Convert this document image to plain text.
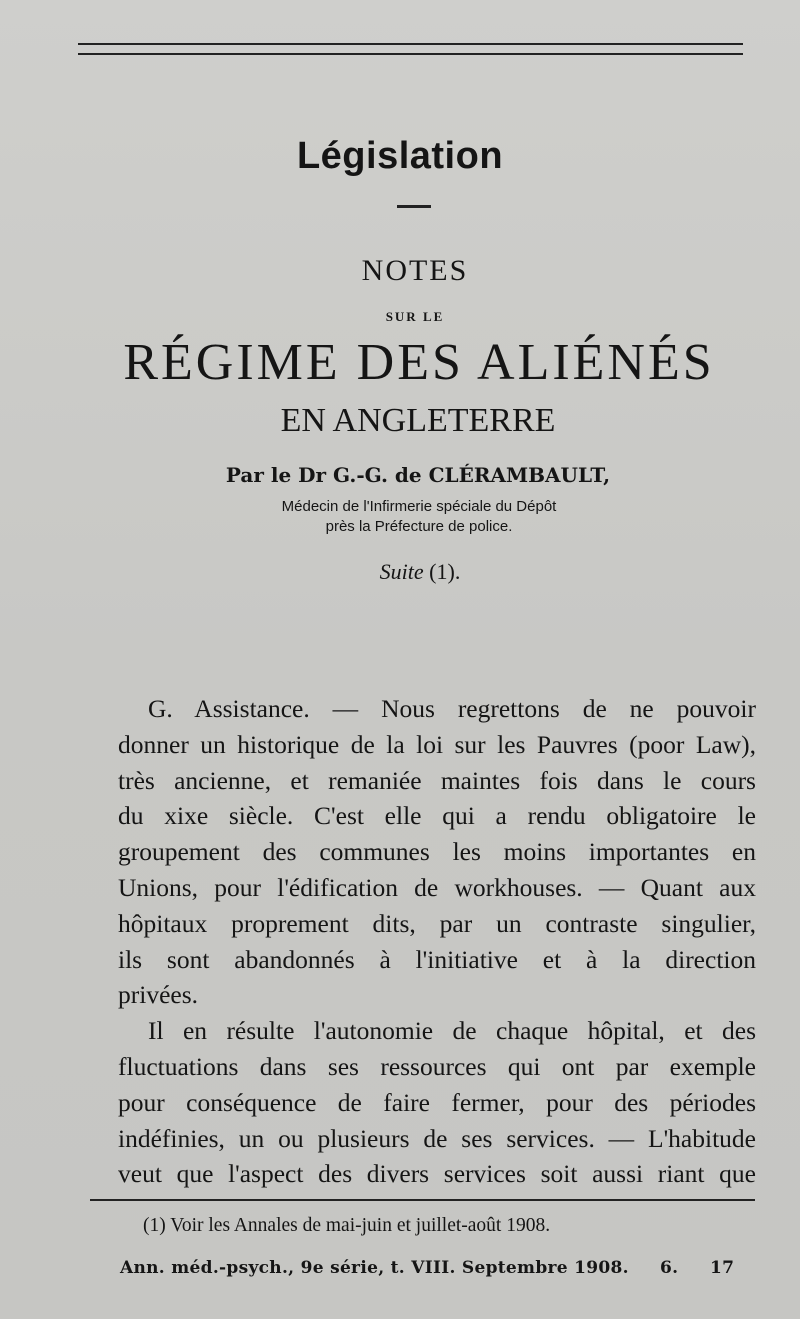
Législation
NOTES
SUR LE
RÉGIME DES ALIÉNÉS
EN ANGLETERRE
Par le Dr G.-G. de CLÉRAMBAULT,
Médecin de l'Infirmerie spéciale du Dépôt
près la Préfecture de police.
Suite (1).
G. Assistance. — Nous regrettons de ne pouvoir
donner un historique de la loi sur les Pauvres (poor Law),
très ancienne, et remaniée maintes fois dans le cours
du xixe siècle. C'est elle qui a rendu obligatoire le
groupement des communes les moins importantes en
Unions, pour l'édification de workhouses. — Quant aux
hôpitaux proprement dits, par un contraste singulier,
ils sont abandonnés à l'initiative et à la direction
privées.
Il en résulte l'autonomie de chaque hôpital, et des
fluctuations dans ses ressources qui ont par exemple
pour conséquence de faire fermer, pour des périodes
indéfinies, un ou plusieurs de ses services. — L'habitude
veut que l'aspect des divers services soit aussi riant que
(1) Voir les Annales de mai-juin et juillet-août 1908.
Ann. méd.-psych., 9e série, t. VIII. Septembre 1908. 6. 17
